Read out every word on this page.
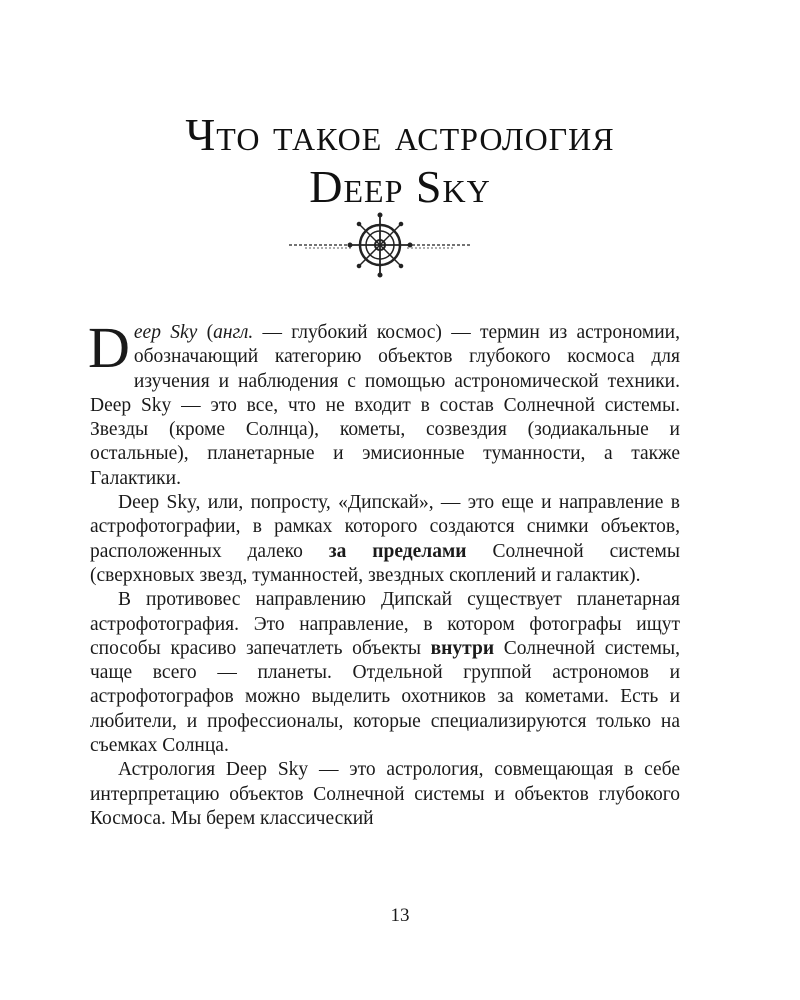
Что такое астрология
Deep Sky

Deep Sky (англ. — глубокий космос) — термин из астрономии, обозначающий категорию объектов глубокого космоса для изучения и наблюдения с помощью астрономической техники. Deep Sky — это все, что не входит в состав Солнечной системы. Звезды (кроме Солнца), кометы, созвездия (зодиакальные и остальные), планетарные и эмисионные туманности, а также Галактики.

Deep Sky, или, попросту, «Дипскай», — это еще и направление в астрофотографии, в рамках которого создаются снимки объектов, расположенных далеко за пределами Солнечной системы (сверхновых звезд, туманностей, звездных скоплений и галактик).

В противовес направлению Дипскай существует планетарная астрофотография. Это направление, в котором фотографы ищут способы красиво запечатлеть объекты внутри Солнечной системы, чаще всего — планеты. Отдельной группой астрономов и астрофотографов можно выделить охотников за кометами. Есть и любители, и профессионалы, которые специализируются только на съемках Солнца.

Астрология Deep Sky — это астрология, совмещающая в себе интерпретацию объектов Солнечной системы и объектов глубокого Космоса. Мы берем классический

13
